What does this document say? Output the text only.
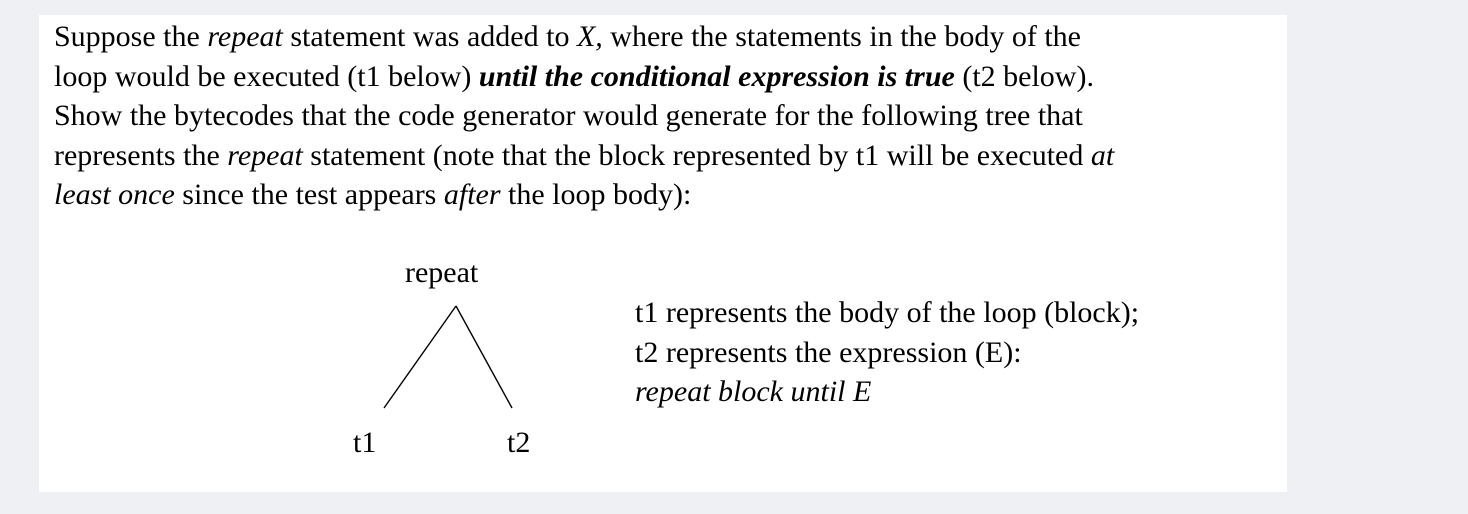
Suppose the repeat statement was added to X, where the statements in the body of the
loop would be executed (t1 below) until the conditional expression is true (t2 below).
Show the bytecodes that the code generator would generate for the following tree that
represents the repeat statement (note that the block represented by t1 will be executed at
least once since the test appears after the loop body):
repeat
t1	t2
t1 represents the body of the loop (block);
t2 represents the expression (E):
repeat block until E
